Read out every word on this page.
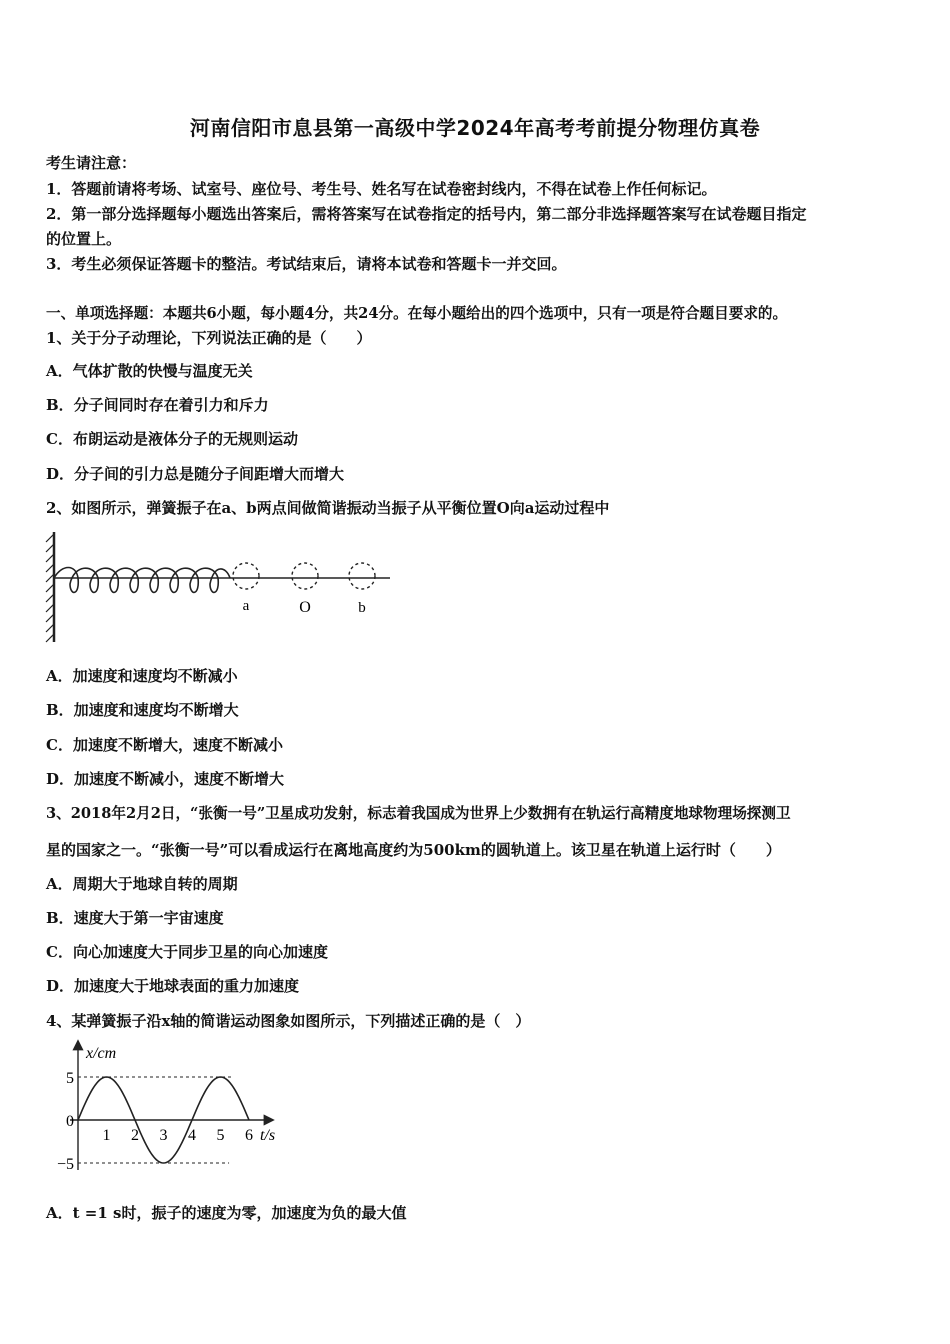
河南信阳市息县第一高级中学2024年高考考前提分物理仿真卷
考生请注意：
1．答题前请将考场、试室号、座位号、考生号、姓名写在试卷密封线内，不得在试卷上作任何标记。
2．第一部分选择题每小题选出答案后，需将答案写在试卷指定的括号内，第二部分非选择题答案写在试卷题目指定
的位置上。
3．考生必须保证答题卡的整洁。考试结束后，请将本试卷和答题卡一并交回。
一、单项选择题：本题共6小题，每小题4分，共24分。在每小题给出的四个选项中，只有一项是符合题目要求的。
1、关于分子动理论，下列说法正确的是（　　）
A．气体扩散的快慢与温度无关
B．分子间同时存在着引力和斥力
C．布朗运动是液体分子的无规则运动
D．分子间的引力总是随分子间距增大而增大
2、如图所示，弹簧振子在a、b两点间做简谐振动当振子从平衡位置O向a运动过程中
a	O	b
A．加速度和速度均不断减小
B．加速度和速度均不断增大
C．加速度不断增大，速度不断减小
D．加速度不断减小，速度不断增大
3、2018年2月2日，“张衡一号”卫星成功发射，标志着我国成为世界上少数拥有在轨运行高精度地球物理场探测卫
星的国家之一。“张衡一号”可以看成运行在离地高度约为500km的圆轨道上。该卫星在轨道上运行时（　　）
A．周期大于地球自转的周期
B．速度大于第一宇宙速度
C．向心加速度大于同步卫星的向心加速度
D．加速度大于地球表面的重力加速度
4、某弹簧振子沿x轴的简谐运动图象如图所示，下列描述正确的是（　）
x/cm
t/s
1 2 3 4 5 6
5
0
−5
A．t =1 s时，振子的速度为零，加速度为负的最大值
